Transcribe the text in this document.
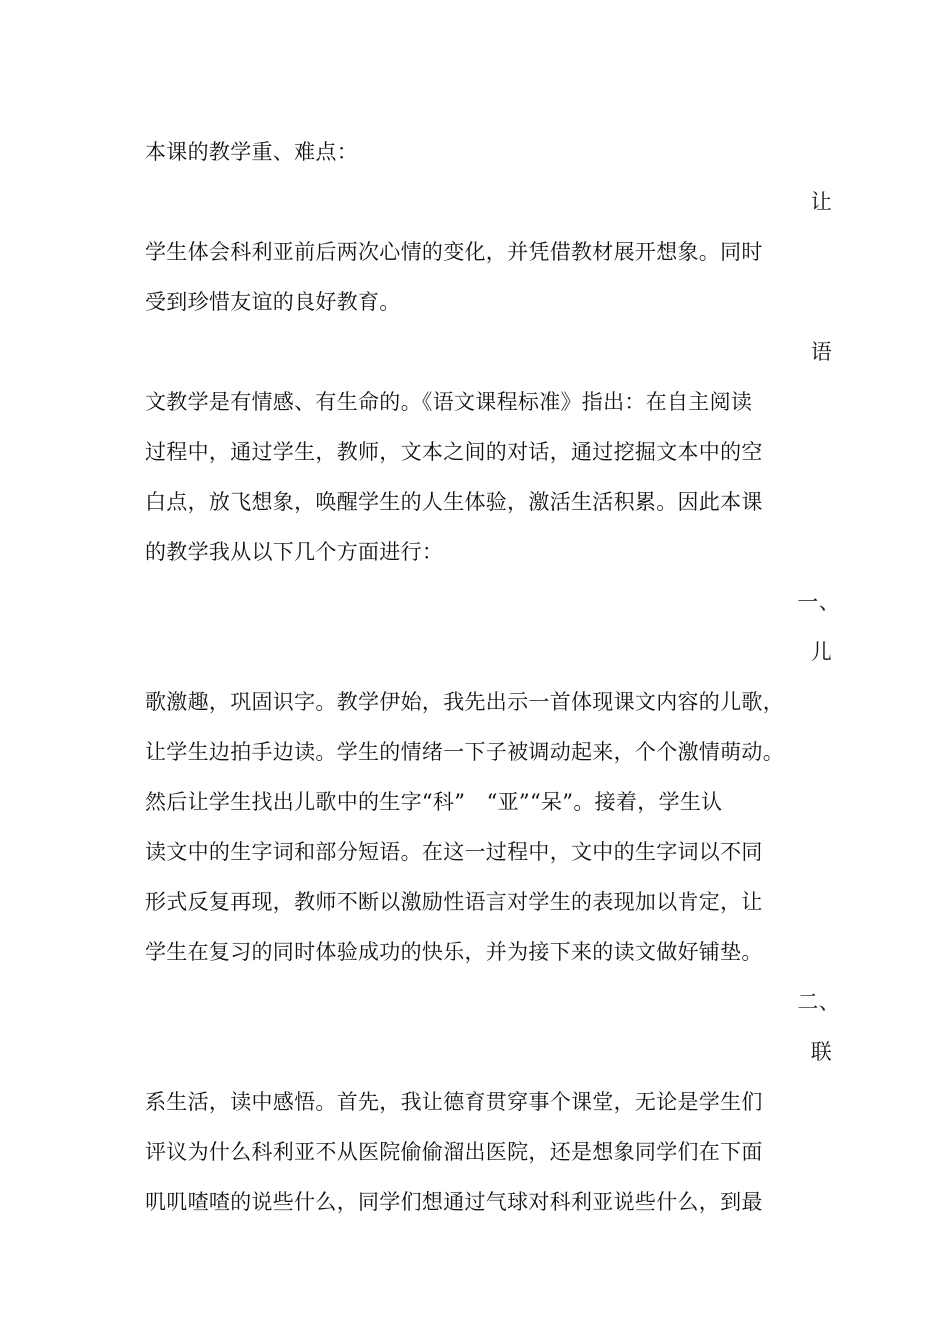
本课的教学重、难点：
让
学生体会科利亚前后两次心情的变化，并凭借教材展开想象。同时
受到珍惜友谊的良好教育。
语
文教学是有情感、有生命的。《语文课程标准》指出：在自主阅读
过程中，通过学生，教师，文本之间的对话，通过挖掘文本中的空
白点，放飞想象，唤醒学生的人生体验，激活生活积累。因此本课
的教学我从以下几个方面进行：
一、
儿
歌激趣，巩固识字。教学伊始，我先出示一首体现课文内容的儿歌，
让学生边拍手边读。学生的情绪一下子被调动起来，个个激情萌动。
然后让学生找出儿歌中的生字“科”　“亚”“呆”。接着，学生认
读文中的生字词和部分短语。在这一过程中，文中的生字词以不同
形式反复再现，教师不断以激励性语言对学生的表现加以肯定，让
学生在复习的同时体验成功的快乐，并为接下来的读文做好铺垫。
二、
联
系生活，读中感悟。首先，我让德育贯穿事个课堂，无论是学生们
评议为什么科利亚不从医院偷偷溜出医院，还是想象同学们在下面
叽叽喳喳的说些什么，同学们想通过气球对科利亚说些什么，到最
